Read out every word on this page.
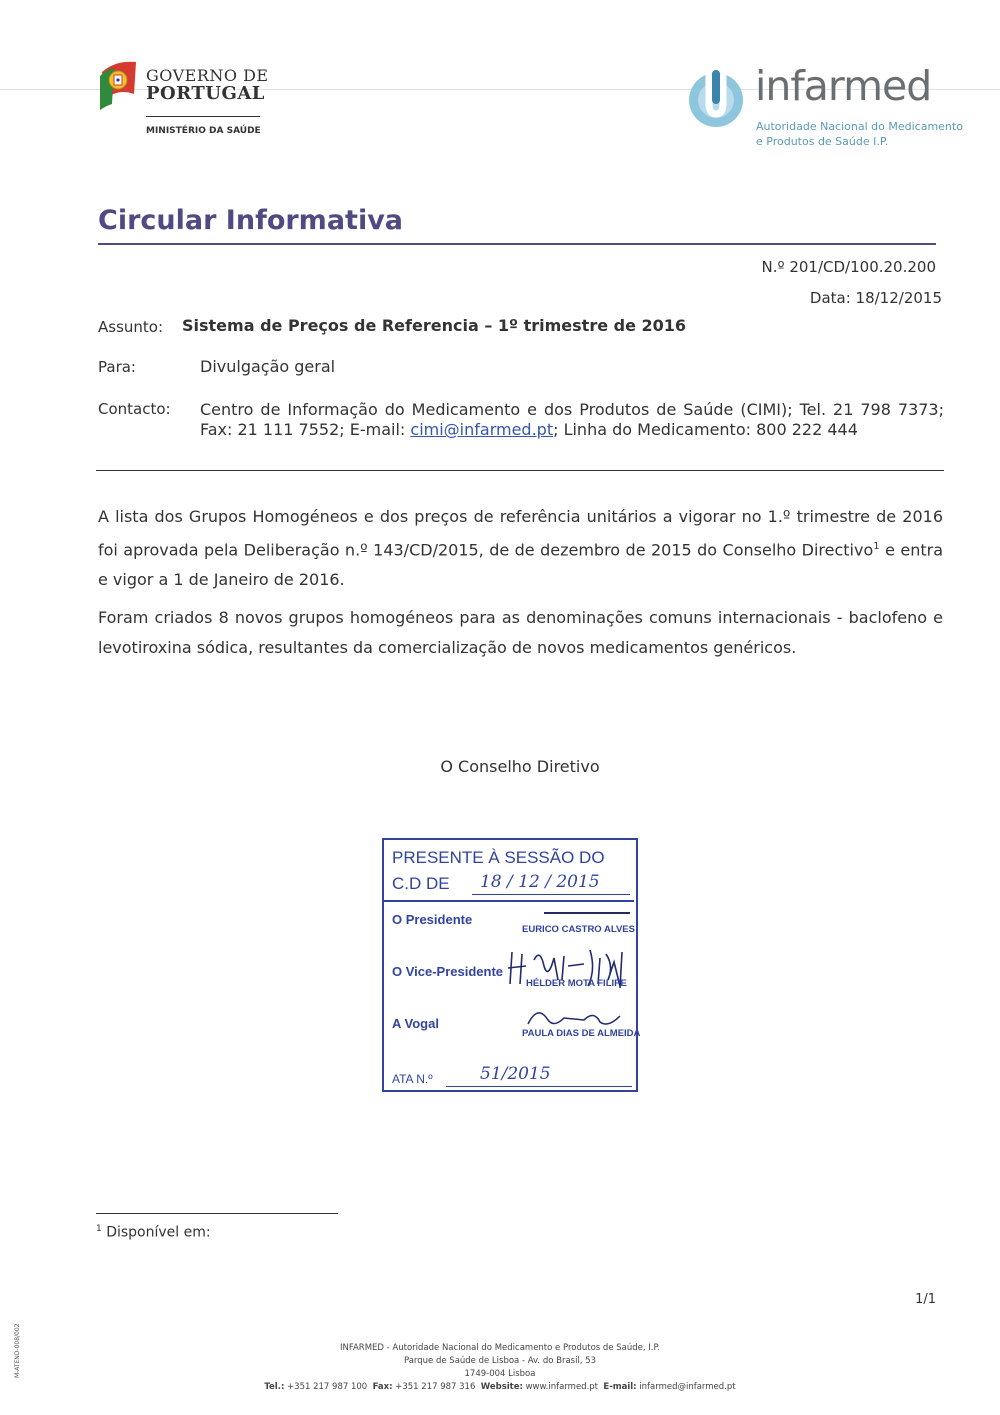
GOVERNO DE
PORTUGAL
MINISTÉRIO DA SAÚDE
infarmed
Autoridade Nacional do Medicamento
e Produtos de Saúde I.P.
Circular Informativa
N.º 201/CD/100.20.200
Data: 18/12/2015
Assunto: Sistema de Preços de Referencia – 1º trimestre de 2016
Para:	Divulgação geral
Contacto: Centro de Informação do Medicamento e dos Produtos de Saúde (CIMI); Tel. 21 798 7373; Fax: 21 111 7552; E-mail: cimi@infarmed.pt; Linha do Medicamento: 800 222 444
A lista dos Grupos Homogéneos e dos preços de referência unitários a vigorar no 1.º trimestre de 2016 foi aprovada pela Deliberação n.º 143/CD/2015, de de dezembro de 2015 do Conselho Directivo$^1$ e entra e vigor a 1 de Janeiro de 2016.
Foram criados 8 novos grupos homogéneos para as denominações comuns internacionais - baclofeno e levotiroxina sódica, resultantes da comercialização de novos medicamentos genéricos.
O Conselho Diretivo
PRESENTE À SESSÃO DO
C.D DE 18 / 12 / 2015
O Presidente
EURICO CASTRO ALVES
O Vice-Presidente
HÉLDER MOTA FILIPE
A Vogal
PAULA DIAS DE ALMEIDA
ATA N.º	51/2015
$^1$ Disponível em:
1/1
M-ATEND-008/002	INFARMED - Autoridade Nacional do Medicamento e Produtos de Saúde, I.P.
Parque de Saúde de Lisboa - Av. do Brasil, 53
1749-004 Lisboa
Tel.: +351 217 987 100 Fax: +351 217 987 316 Website: www.infarmed.pt E-mail: infarmed@infarmed.pt
